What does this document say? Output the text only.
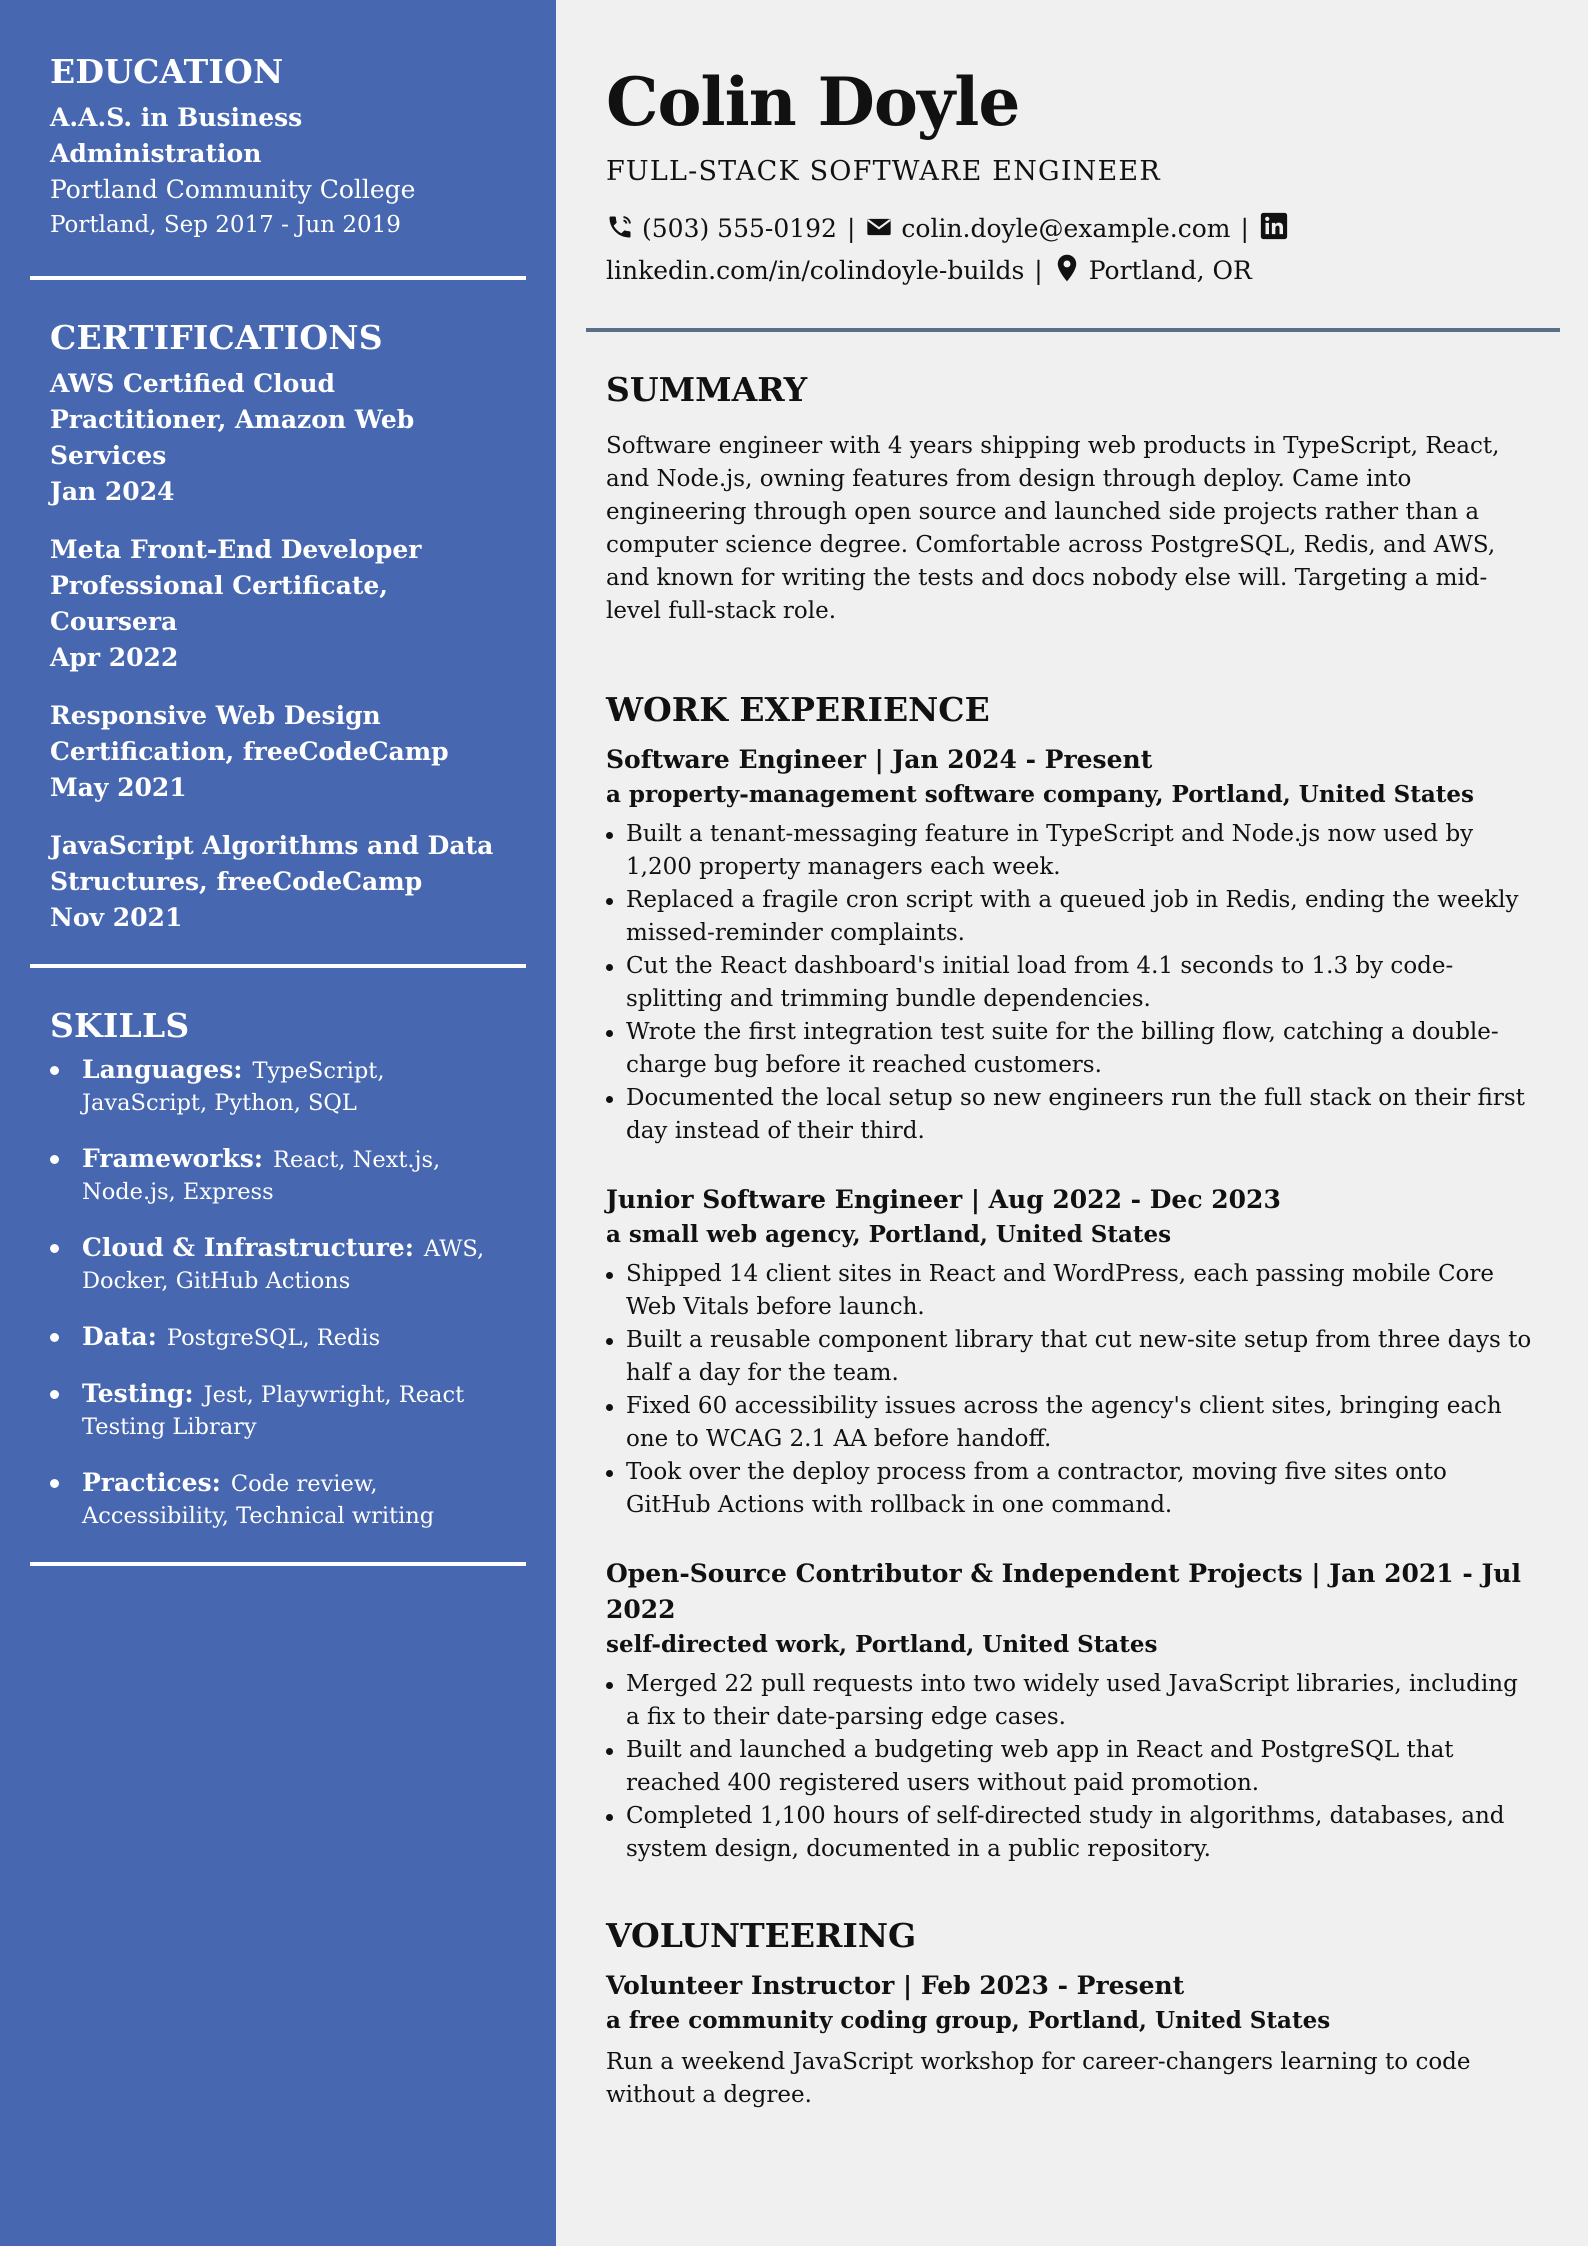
EDUCATION
A.A.S. in Business Administration
Portland Community College
Portland, Sep 2017 - Jun 2019
CERTIFICATIONS
AWS Certified Cloud Practitioner, Amazon Web Services
Jan 2024
Meta Front-End Developer Professional Certificate, Coursera
Apr 2022
Responsive Web Design Certification, freeCodeCamp
May 2021
JavaScript Algorithms and Data Structures, freeCodeCamp
Nov 2021
SKILLS
Languages: TypeScript, JavaScript, Python, SQL
Frameworks: React, Next.js, Node.js, Express
Cloud & Infrastructure: AWS, Docker, GitHub Actions
Data: PostgreSQL, Redis
Testing: Jest, Playwright, React Testing Library
Practices: Code review, Accessibility, Technical writing
Colin Doyle
FULL-STACK SOFTWARE ENGINEER
(503) 555-0192 | colin.doyle@example.com |linkedin.com/in/colindoyle-builds | Portland, OR
SUMMARY

Software engineer with 4 years shipping web products in TypeScript, React, and Node.js, owning features from design through deploy. Came into engineering through open source and launched side projects rather than a computer science degree. Comfortable across PostgreSQL, Redis, and AWS, and known for writing the tests and docs nobody else will. Targeting a mid-level full-stack role.

WORK EXPERIENCE
Software Engineer | Jan 2024 - Present
a property-management software company, Portland, United States
Built a tenant-messaging feature in TypeScript and Node.js now used by 1,200 property managers each week.
Replaced a fragile cron script with a queued job in Redis, ending the weekly missed-reminder complaints.
Cut the React dashboard's initial load from 4.1 seconds to 1.3 by code-splitting and trimming bundle dependencies.
Wrote the first integration test suite for the billing flow, catching a double-charge bug before it reached customers.
Documented the local setup so new engineers run the full stack on their first day instead of their third.
Junior Software Engineer | Aug 2022 - Dec 2023
a small web agency, Portland, United States
Shipped 14 client sites in React and WordPress, each passing mobile Core Web Vitals before launch.
Built a reusable component library that cut new-site setup from three days to half a day for the team.
Fixed 60 accessibility issues across the agency's client sites, bringing each one to WCAG 2.1 AA before handoff.
Took over the deploy process from a contractor, moving five sites onto GitHub Actions with rollback in one command.
Open-Source Contributor & Independent Projects | Jan 2021 - Jul 2022
self-directed work, Portland, United States
Merged 22 pull requests into two widely used JavaScript libraries, including a fix to their date-parsing edge cases.
Built and launched a budgeting web app in React and PostgreSQL that reached 400 registered users without paid promotion.
Completed 1,100 hours of self-directed study in algorithms, databases, and system design, documented in a public repository.
VOLUNTEERING
Volunteer Instructor | Feb 2023 - Present
a free community coding group, Portland, United States

Run a weekend JavaScript workshop for career-changers learning to code without a degree.
